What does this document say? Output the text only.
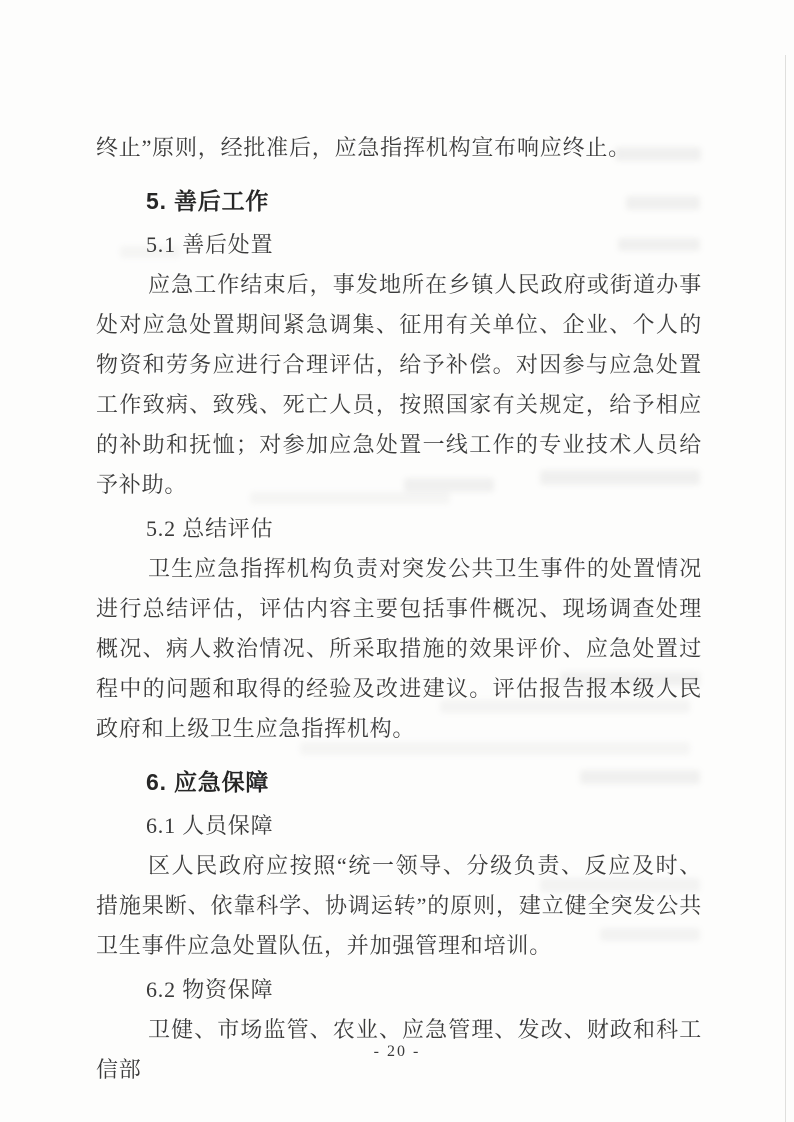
终止”原则，经批准后，应急指挥机构宣布响应终止。

5. 善后工作

5.1 善后处置

应急工作结束后，事发地所在乡镇人民政府或街道办事处对应急处置期间紧急调集、征用有关单位、企业、个人的物资和劳务应进行合理评估，给予补偿。对因参与应急处置工作致病、致残、死亡人员，按照国家有关规定，给予相应的补助和抚恤；对参加应急处置一线工作的专业技术人员给予补助。

5.2 总结评估

卫生应急指挥机构负责对突发公共卫生事件的处置情况进行总结评估，评估内容主要包括事件概况、现场调查处理概况、病人救治情况、所采取措施的效果评价、应急处置过程中的问题和取得的经验及改进建议。评估报告报本级人民政府和上级卫生应急指挥机构。

6. 应急保障

6.1 人员保障

区人民政府应按照“统一领导、分级负责、反应及时、措施果断、依靠科学、协调运转”的原则，建立健全突发公共卫生事件应急处置队伍，并加强管理和培训。

6.2 物资保障

卫健、市场监管、农业、应急管理、发改、财政和科工信部

- 20 -
